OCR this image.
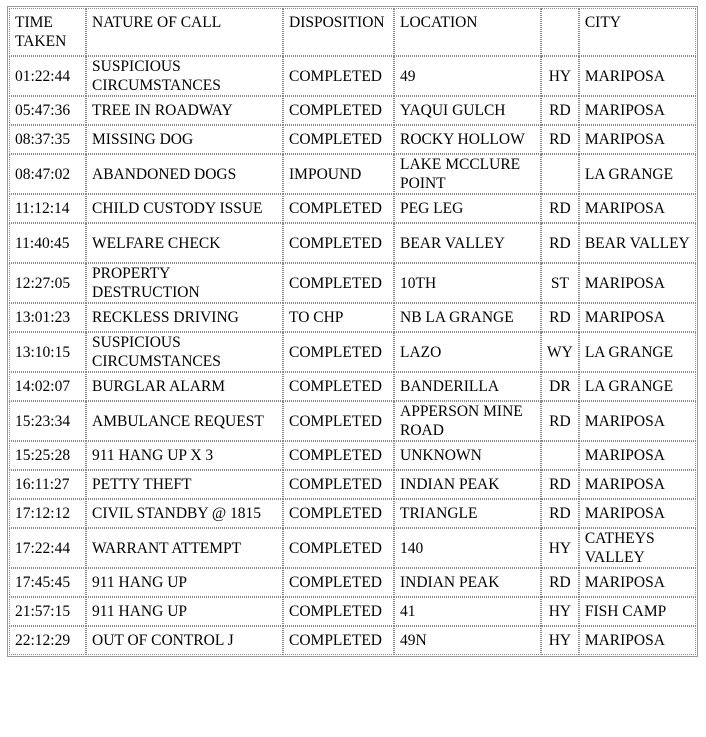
TIME TAKEN	NATURE OF CALL	DISPOSITION	LOCATION		CITY
01:22:44	SUSPICIOUS CIRCUMSTANCES	COMPLETED	49	HY	MARIPOSA
05:47:36	TREE IN ROADWAY	COMPLETED	YAQUI GULCH	RD	MARIPOSA
08:37:35	MISSING DOG	COMPLETED	ROCKY HOLLOW	RD	MARIPOSA
08:47:02	ABANDONED DOGS	IMPOUND	LAKE MCCLURE POINT		LA GRANGE
11:12:14	CHILD CUSTODY ISSUE	COMPLETED	PEG LEG	RD	MARIPOSA
11:40:45	WELFARE CHECK	COMPLETED	BEAR VALLEY	RD	BEAR VALLEY
12:27:05	PROPERTY DESTRUCTION	COMPLETED	10TH	ST	MARIPOSA
13:01:23	RECKLESS DRIVING	TO CHP	NB LA GRANGE	RD	MARIPOSA
13:10:15	SUSPICIOUS CIRCUMSTANCES	COMPLETED	LAZO	WY	LA GRANGE
14:02:07	BURGLAR ALARM	COMPLETED	BANDERILLA	DR	LA GRANGE
15:23:34	AMBULANCE REQUEST	COMPLETED	APPERSON MINE ROAD	RD	MARIPOSA
15:25:28	911 HANG UP X 3	COMPLETED	UNKNOWN		MARIPOSA
16:11:27	PETTY THEFT	COMPLETED	INDIAN PEAK	RD	MARIPOSA
17:12:12	CIVIL STANDBY @ 1815	COMPLETED	TRIANGLE	RD	MARIPOSA
17:22:44	WARRANT ATTEMPT	COMPLETED	140	HY	CATHEYS VALLEY
17:45:45	911 HANG UP	COMPLETED	INDIAN PEAK	RD	MARIPOSA
21:57:15	911 HANG UP	COMPLETED	41	HY	FISH CAMP
22:12:29	OUT OF CONTROL J	COMPLETED	49N	HY	MARIPOSA
